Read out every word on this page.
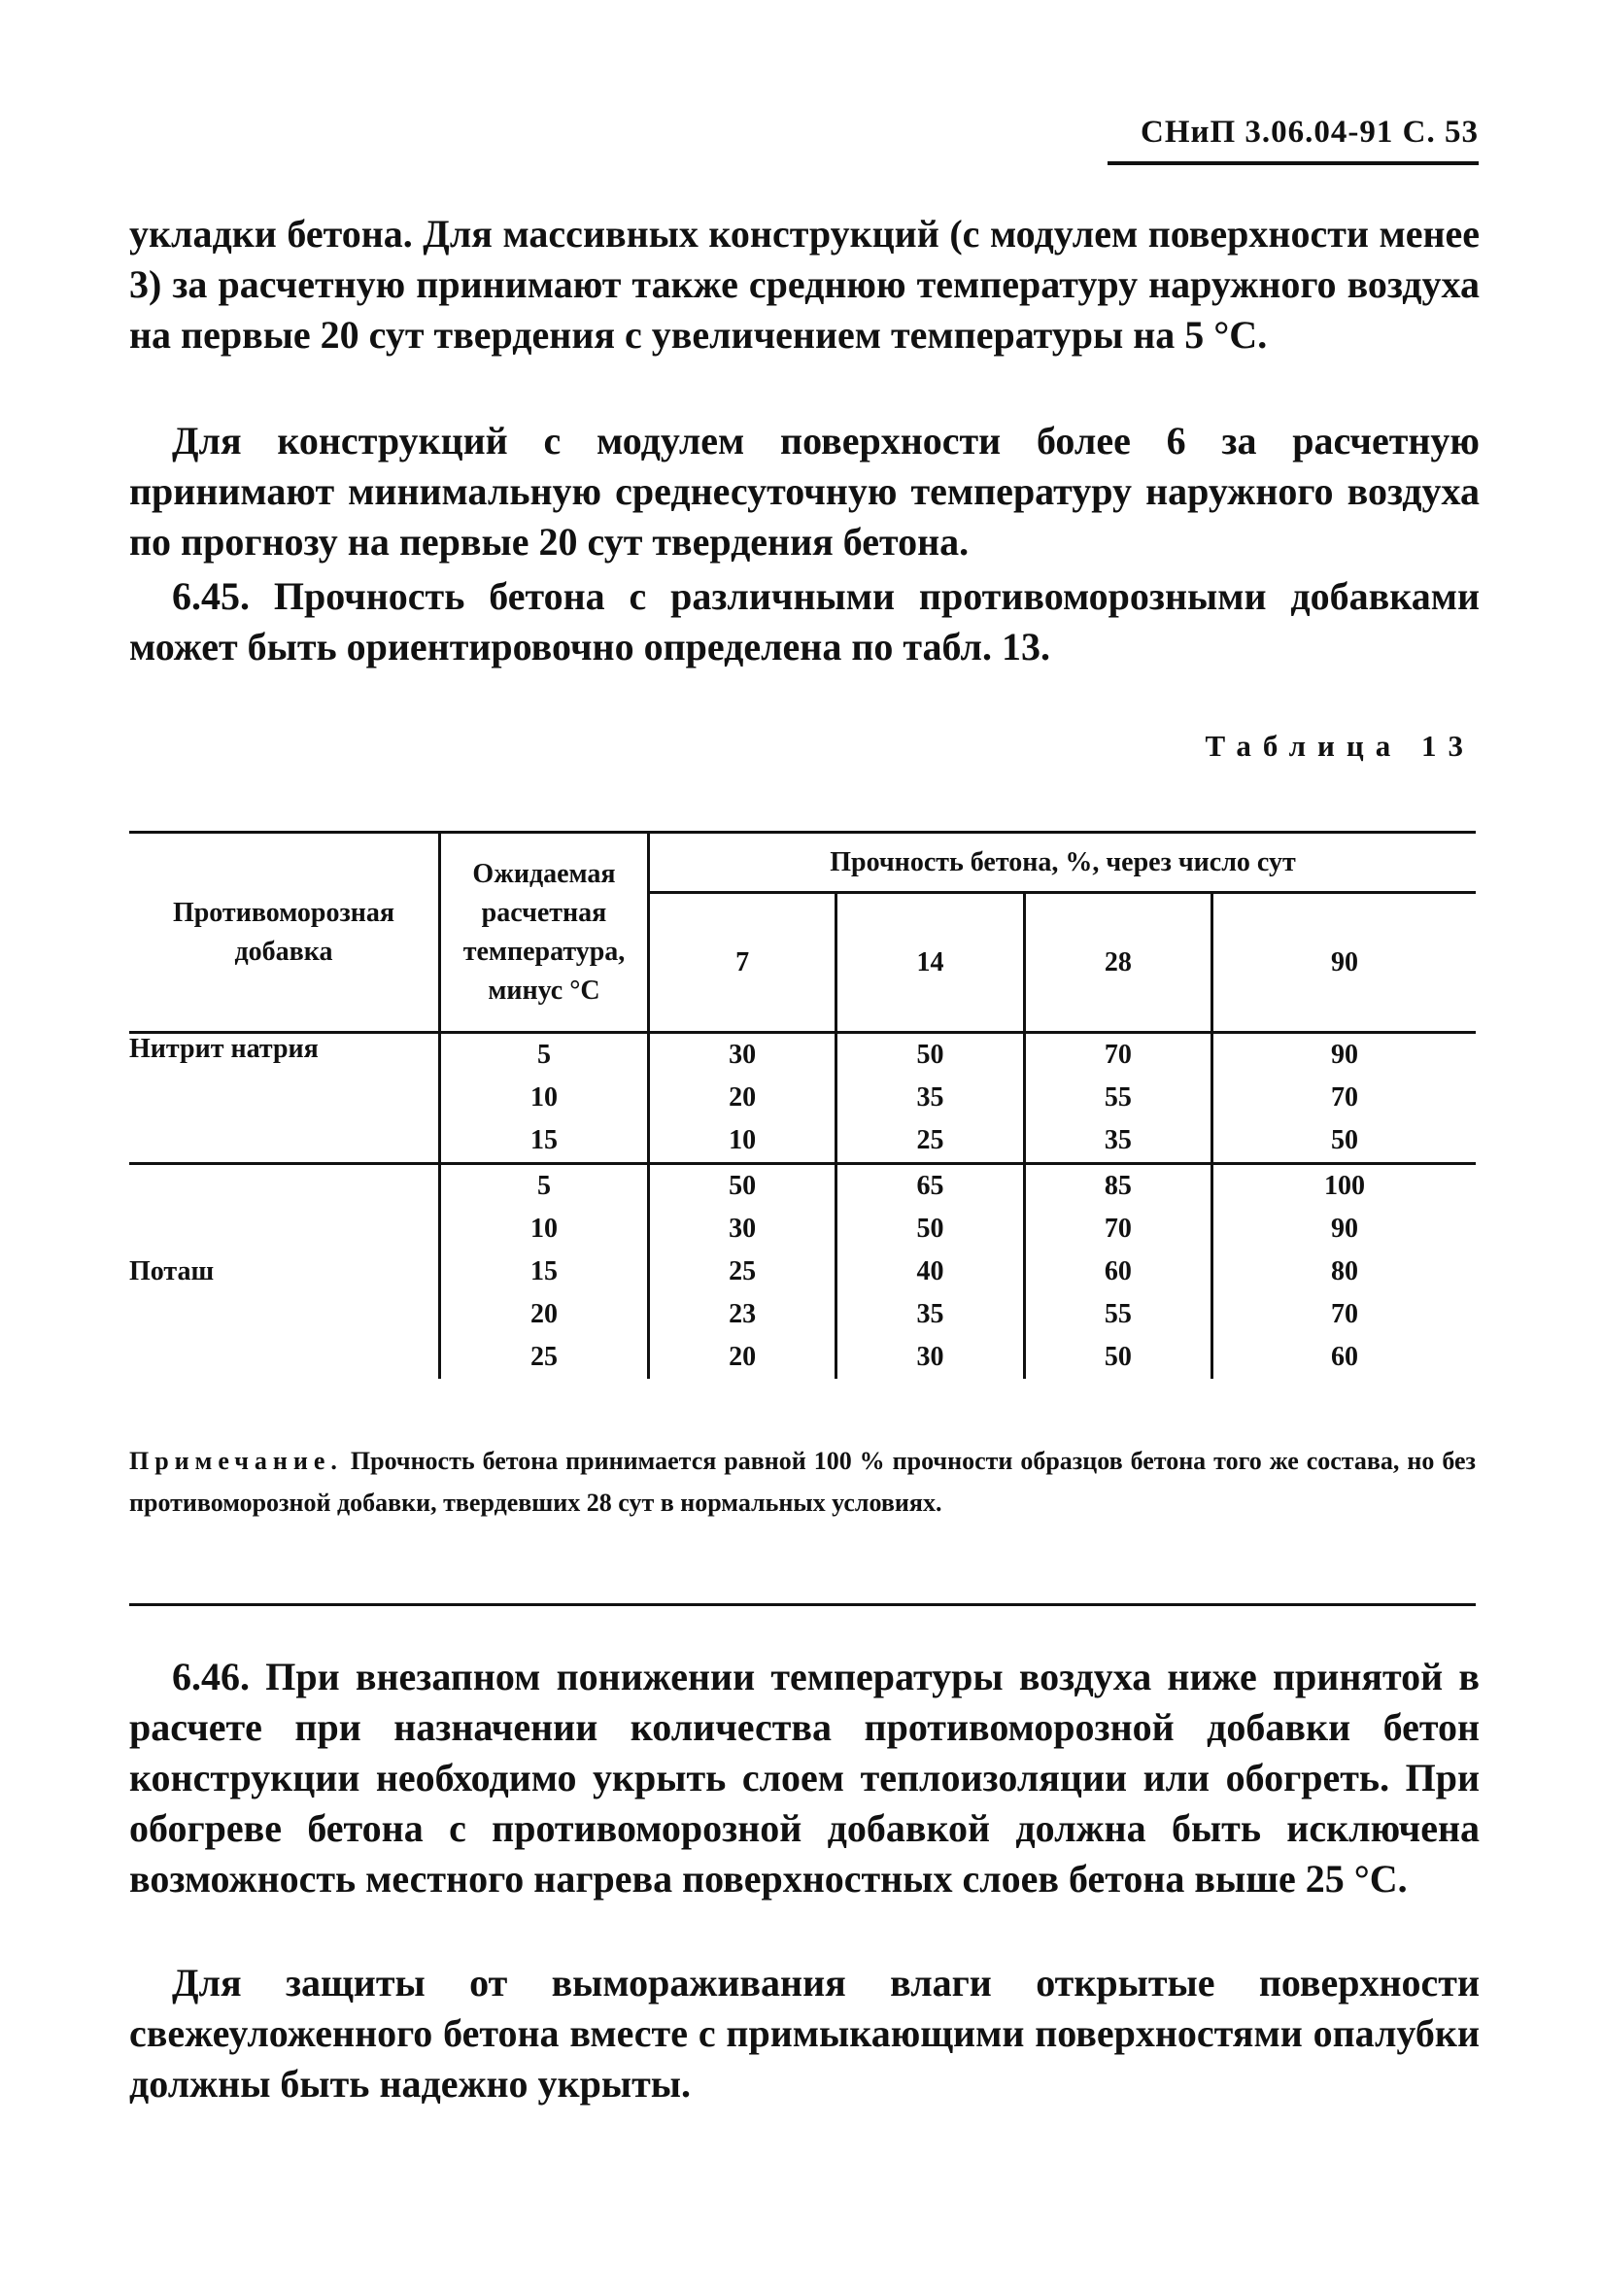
СНиП 3.06.04-91 С. 53

укладки бетона. Для массивных конструкций (с модулем поверхности менее 3) за расчетную принимают также среднюю температуру наружного воздуха на первые 20 сут твердения с увеличением температуры на 5 °С.

Для конструкций с модулем поверхности более 6 за расчетную принимают минимальную среднесуточную температуру наружного воздуха по прогнозу на первые 20 сут твердения бетона.

6.45. Прочность бетона с различными противоморозными добавками может быть ориентировочно определена по табл. 13.

Таблица 13
Противоморозная добавка	Ожидаемая расчетная температура, минус °С	Прочность бетона, %, через число сут			
		7	14	28	90
Нитрит натрия	5	30	50	70	90
	10	20	35	55	70
	15	10	25	35	50
Поташ	5	50	65	85	100
	10	30	50	70	90
	15	25	40	60	80
	20	23	35	55	70
	25	20	30	50	60

Примечание. Прочность бетона принимается равной 100 % прочности образцов бетона того же состава, но без противоморозной добавки, твердевших 28 сут в нормальных условиях.

6.46. При внезапном понижении температуры воздуха ниже принятой в расчете при назначении количества противоморозной добавки бетон конструкции необходимо укрыть слоем теплоизоляции или обогреть. При обогреве бетона с противоморозной добавкой должна быть исключена возможность местного нагрева поверхностных слоев бетона выше 25 °С.

Для защиты от вымораживания влаги открытые поверхности свежеуложенного бетона вместе с примыкающими поверхностями опалубки должны быть надежно укрыты.
